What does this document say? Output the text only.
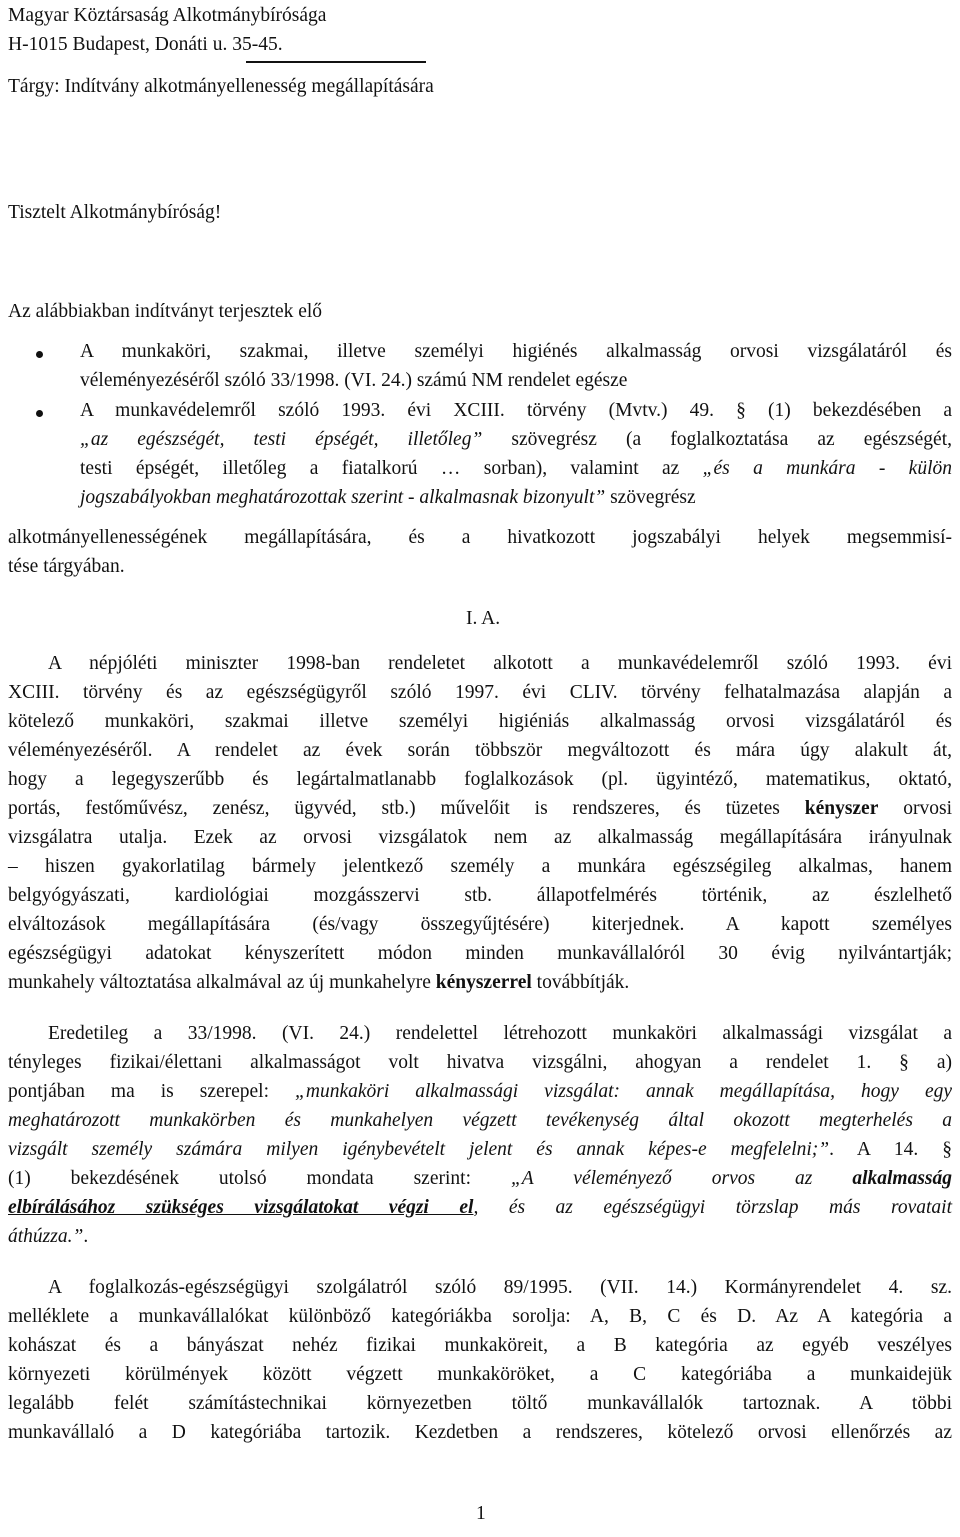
Magyar Köztársaság Alkotmánybírósága
H-1015 Budapest, Donáti u. 35-45.
Tárgy: Indítvány alkotmányellenesség megállapítására
Tisztelt Alkotmánybíróság!
Az alábbiakban indítványt terjesztek elő
A munkaköri, szakmai, illetve személyi higiénés alkalmasság orvosi vizsgálatáról és
véleményezéséről szóló 33/1998. (VI. 24.) számú NM rendelet egésze
A munkavédelemről szóló 1993. évi XCIII. törvény (Mvtv.) 49. § (1) bekezdésében a
„az egészségét, testi épségét, illetőleg” szövegrész (a foglalkoztatása az egészségét,
testi épségét, illetőleg a fiatalkorú … sorban), valamint az „és a munkára - külön
jogszabályokban meghatározottak szerint - alkalmasnak bizonyult” szövegrész
alkotmányellenességének megállapítására, és a hivatkozott jogszabályi helyek megsemmisí-
tése tárgyában.
I. A.
A népjóléti miniszter 1998-ban rendeletet alkotott a munkavédelemről szóló 1993. évi
XCIII. törvény és az egészségügyről szóló 1997. évi CLIV. törvény felhatalmazása alapján a
kötelező munkaköri, szakmai illetve személyi higiéniás alkalmasság orvosi vizsgálatáról és
véleményezéséről. A rendelet az évek során többször megváltozott és mára úgy alakult át,
hogy a legegyszerűbb és legártalmatlanabb foglalkozások (pl. ügyintéző, matematikus, oktató,
portás, festőművész, zenész, ügyvéd, stb.) művelőit is rendszeres, és tüzetes kényszer orvosi
vizsgálatra utalja. Ezek az orvosi vizsgálatok nem az alkalmasság megállapítására irányulnak
– hiszen gyakorlatilag bármely jelentkező személy a munkára egészségileg alkalmas, hanem
belgyógyászati, kardiológiai mozgásszervi stb. állapotfelmérés történik, az észlelhető
elváltozások megállapítására (és/vagy összegyűjtésére) kiterjednek. A kapott személyes
egészségügyi adatokat kényszerített módon minden munkavállalóról 30 évig nyilvántartják;
munkahely változtatása alkalmával az új munkahelyre kényszerrel továbbítják.
Eredetileg a 33/1998. (VI. 24.) rendelettel létrehozott munkaköri alkalmassági vizsgálat a
tényleges fizikai/élettani alkalmasságot volt hivatva vizsgálni, ahogyan a rendelet 1. § a)
pontjában ma is szerepel: „munkaköri alkalmassági vizsgálat: annak megállapítása, hogy egy
meghatározott munkakörben és munkahelyen végzett tevékenység által okozott megterhelés a
vizsgált személy számára milyen igénybevételt jelent és annak képes-e megfelelni;”. A 14. §
(1) bekezdésének utolsó mondata szerint: „A véleményező orvos az alkalmasság
elbírálásához szükséges vizsgálatokat végzi el, és az egészségügyi törzslap más rovatait
áthúzza.”.
A foglalkozás-egészségügyi szolgálatról szóló 89/1995. (VII. 14.) Kormányrendelet 4. sz.
melléklete a munkavállalókat különböző kategóriákba sorolja: A, B, C és D. Az A kategória a
kohászat és a bányászat nehéz fizikai munkaköreit, a B kategória az egyéb veszélyes
környezeti körülmények között végzett munkaköröket, a C kategóriába a munkaidejük
legalább felét számítástechnikai környezetben töltő munkavállalók tartoznak. A többi
munkavállaló a D kategóriába tartozik. Kezdetben a rendszeres, kötelező orvosi ellenőrzés az
1
